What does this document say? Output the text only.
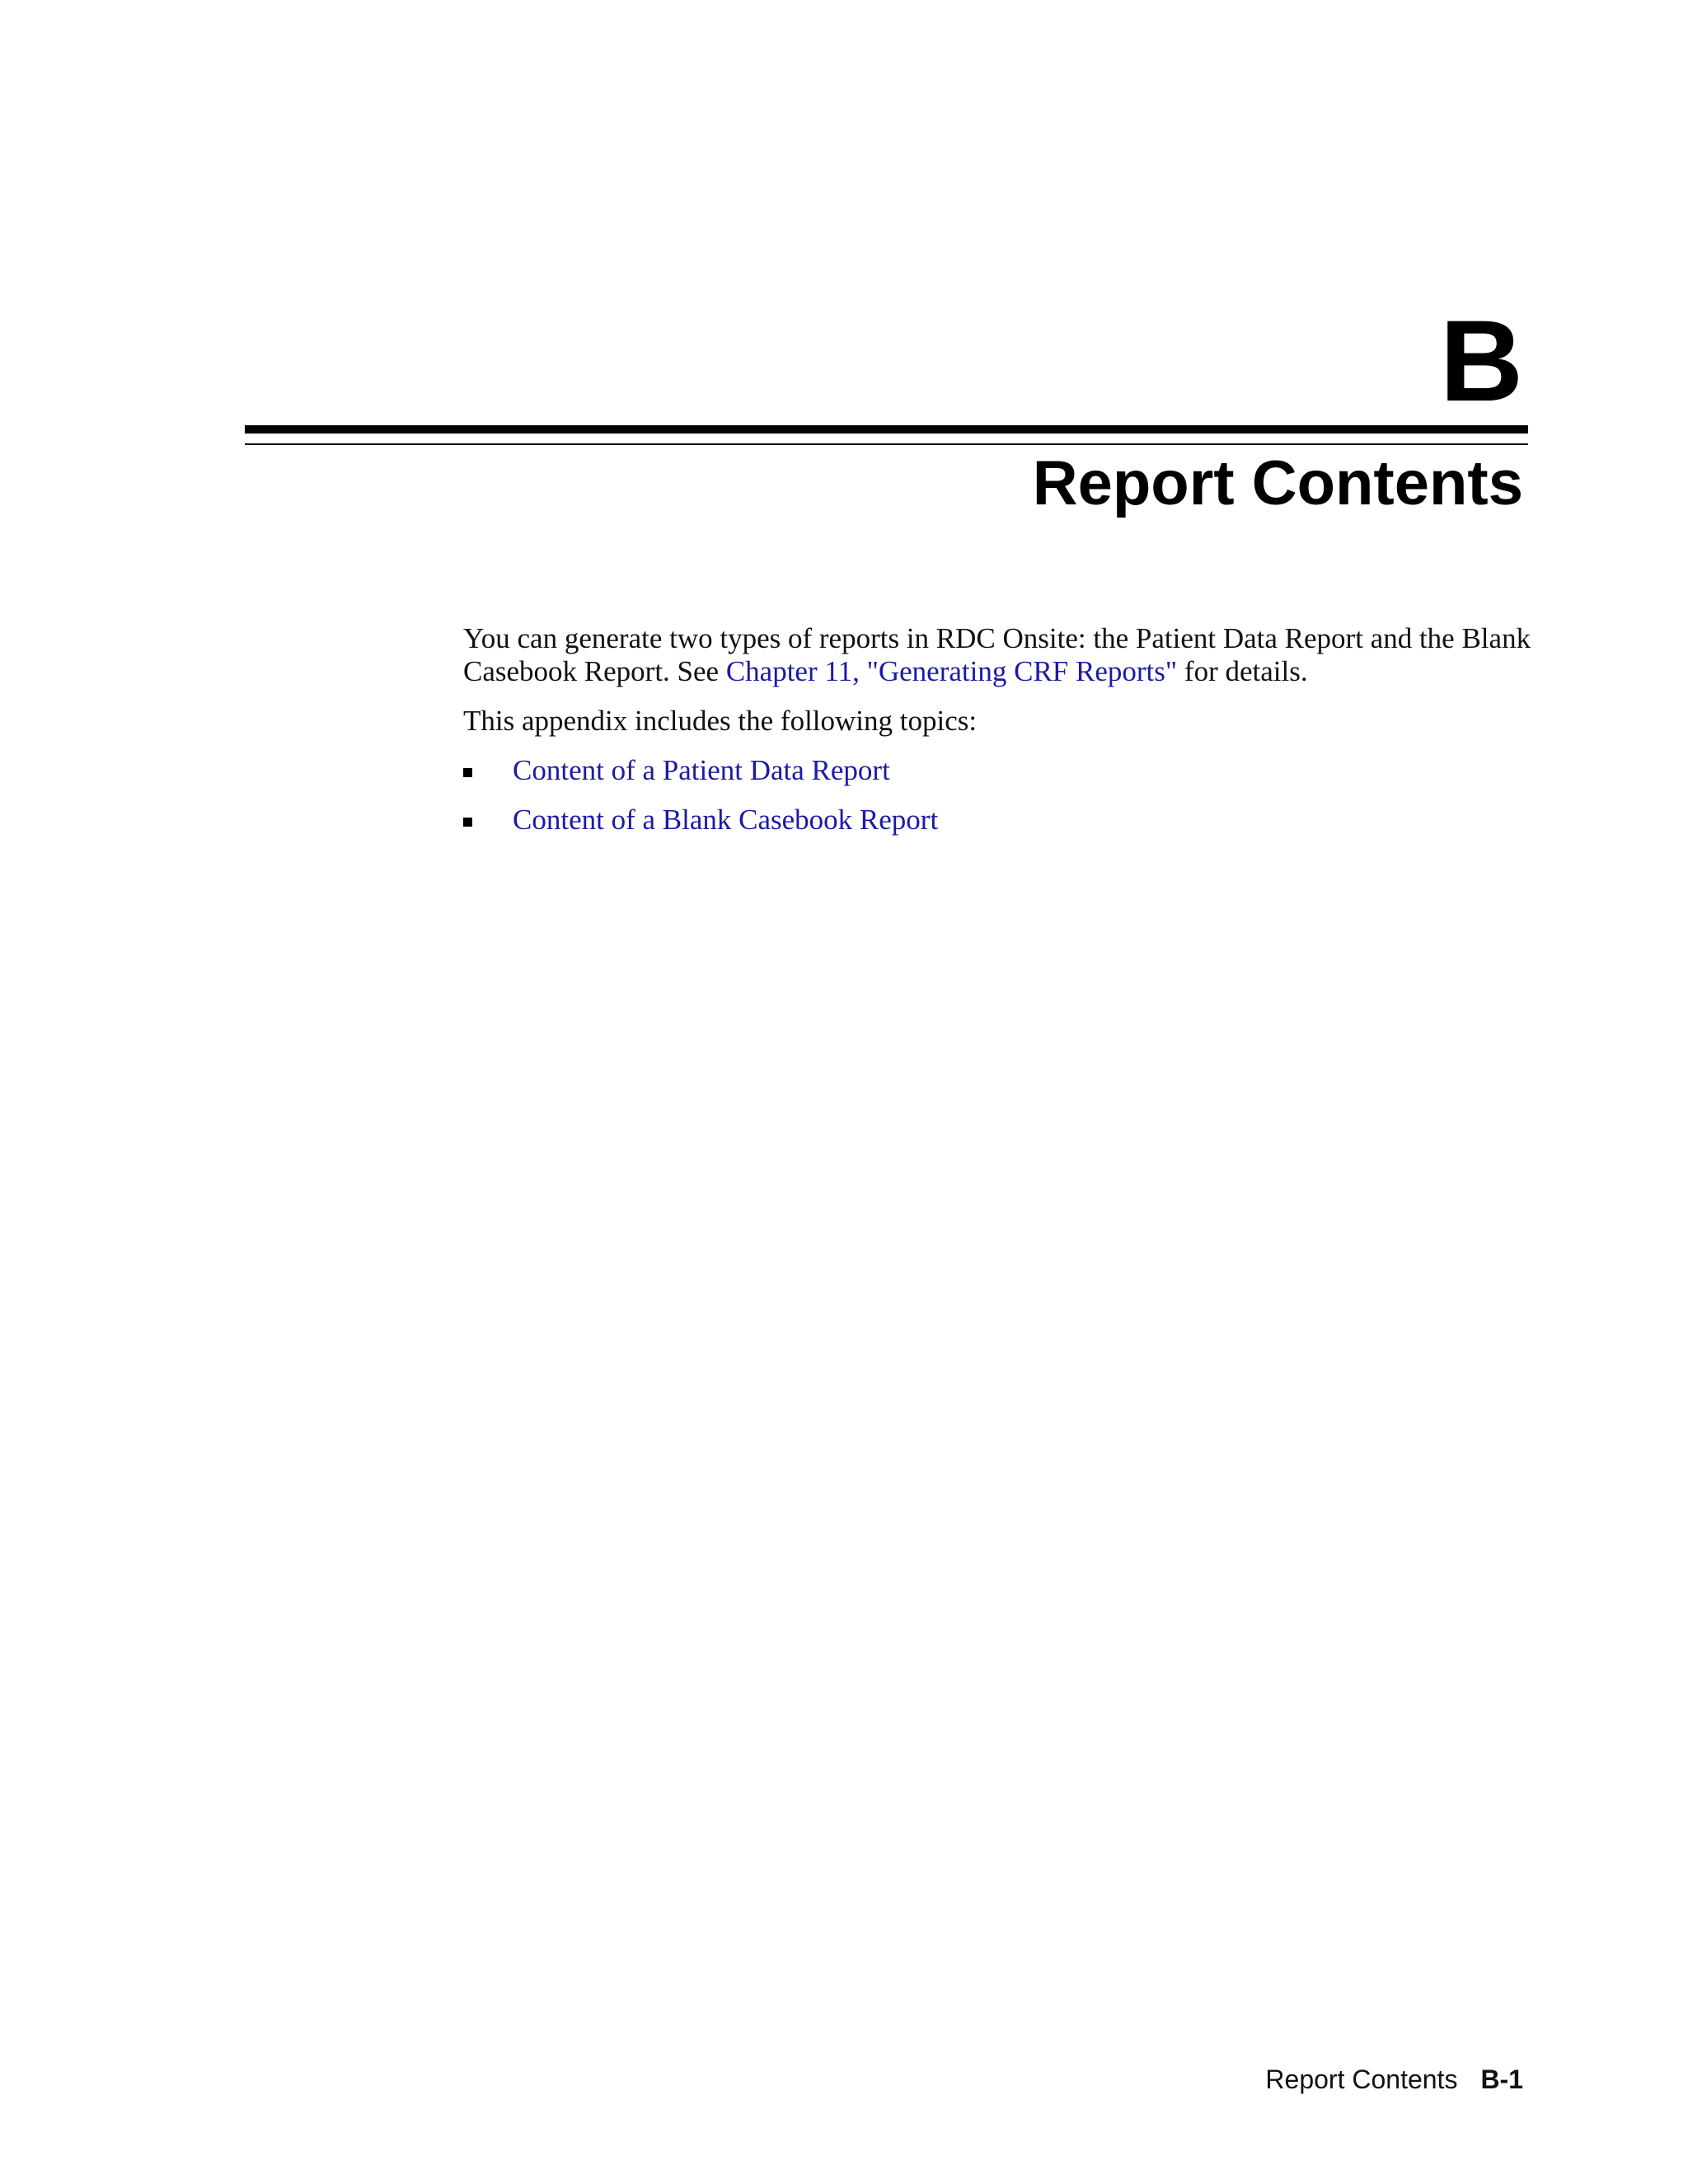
B
Report Contents

You can generate two types of reports in RDC Onsite: the Patient Data Report and the Blank Casebook Report. See Chapter 11, "Generating CRF Reports" for details.

This appendix includes the following topics:

Content of a Patient Data Report
Content of a Blank Casebook Report
Report Contents B-1
